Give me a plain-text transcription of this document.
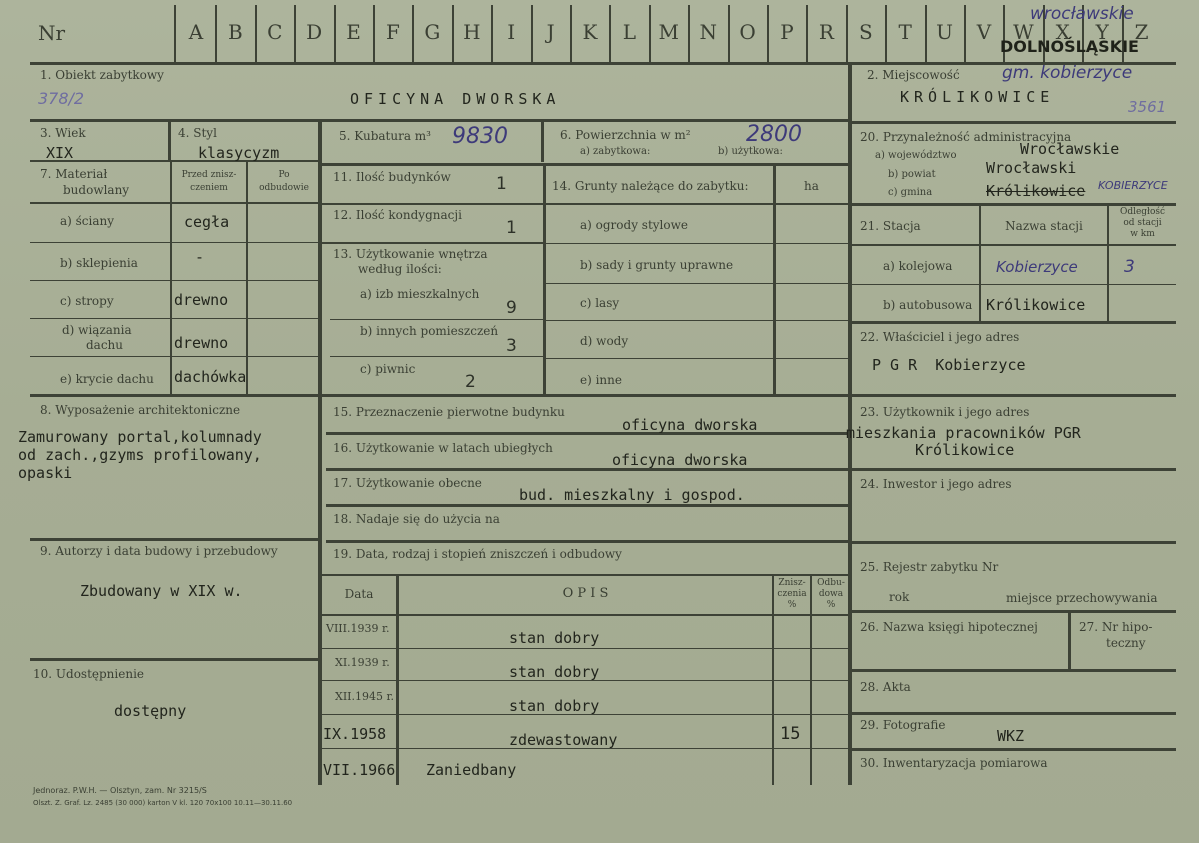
Nr	A	B	C	D	E	F	G	H	I	J	K	L	M	N	O	P	R	S	T	U	V	W	X	Y	Z
wrocławskie
DOLNOŚLĄSKIE
gm. kobierzyce
1. Obiekt zabytkowy
378/2	OFICYNA DWORSKA
2. Miejscowość
KRÓLIKOWICE
3561
3. Wiek
XIX
4. Styl
klasycyzm
5. Kubatura m³ 9830	6. Powierzchnia w m²
a) zabytkowa:	b) użytkowa:
2800
7. Materiał
budowlany
Przed znisz-
czeniem
Po
odbudowie
a) ściany	cegła
b) sklepienia	-
c) stropy	drewno
d) wiązania
dachu	drewno
e) krycie dachu dachówka
8. Wyposażenie architektoniczne
Zamurowany portal,kolumnady
od zach.,gzyms profilowany,
opaski
9. Autorzy i data budowy i przebudowy
Zbudowany w XIX w.
10. Udostępnienie
dostępny
11. Ilość budynków	1
12. Ilość kondygnacji
1
13. Użytkowanie wnętrza
według ilości:
a) izb mieszkalnych
9
b) innych pomieszczeń
3
c) piwnic
2
14. Grunty należące do zabytku:	ha
a) ogrody stylowe
b) sady i grunty uprawne
c) lasy
d) wody
e) inne
15. Przeznaczenie pierwotne budynku
oficyna dworska
16. Użytkowanie w latach ubiegłych
oficyna dworska
17. Użytkowanie obecne
bud. mieszkalny i gospod.
18. Nadaje się do użycia na
19. Data, rodzaj i stopień zniszczeń i odbudowy
Data	O P I S
Znisz-
czenia
%
Odbu-
dowa
%
VIII.1939 r.
stan dobry
XI.1939 r.
stan dobry
XII.1945 r.
stan dobry
IX.1958	zdewastowany	15
VII.1966 Zaniedbany
20. Przynależność administracyjna
a) województwo	Wrocławskie
b) powiat	Wrocławski
c) gmina	Królikowice KOBIERZYCE
21. Stacja	Nazwa stacji
Odległość
od stacji
w km
a) kolejowa	Kobierzyce	3
b) autobusowa Królikowice
22. Właściciel i jego adres
P G R  Kobierzyce
23. Użytkownik i jego adres
mieszkania pracowników PGR
Królikowice
24. Inwestor i jego adres
25. Rejestr zabytku Nr
rok	miejsce przechowywania
26. Nazwa księgi hipotecznej	27. Nr hipo-
teczny
28. Akta
29. Fotografie
WKZ
30. Inwentaryzacja pomiarowa
Jednoraz. P.W.H. — Olsztyn, zam. Nr 3215/S
Olszt. Z. Graf. Lz. 2485 (30 000) karton V kl. 120 70x100 10.11—30.11.60
